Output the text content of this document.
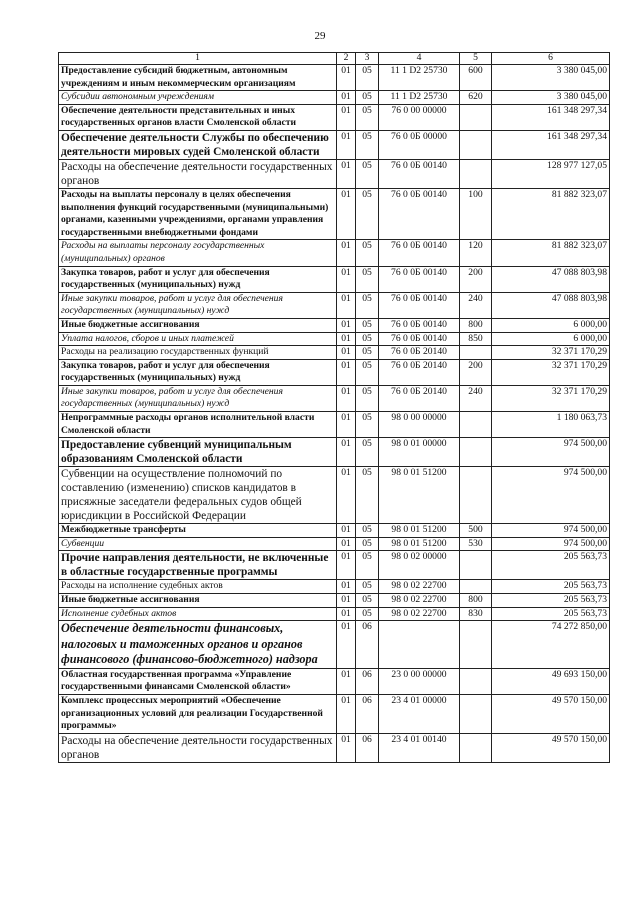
29
1	2	3	4	5	6
Предоставление субсидий бюджетным, автономным учреждениям и иным некоммерческим организациям	01	05	11 1 D2 25730	600	3 380 045,00
Субсидии автономным учреждениям	01	05	11 1 D2 25730	620	3 380 045,00
Обеспечение деятельности представительных и иных государственных органов власти Смоленской области	01	05	76 0 00 00000		161 348 297,34
Обеспечение деятельности Службы по обеспечению деятельности мировых судей Смоленской области	01	05	76 0 0Б 00000		161 348 297,34
Расходы на обеспечение деятельности государственных органов	01	05	76 0 0Б 00140		128 977 127,05
Расходы на выплаты персоналу в целях обеспечения выполнения функций государственными (муниципальными) органами, казенными учреждениями, органами управления государственными внебюджетными фондами	01	05	76 0 0Б 00140	100	81 882 323,07
Расходы на выплаты персоналу государственных (муниципальных) органов	01	05	76 0 0Б 00140	120	81 882 323,07
Закупка товаров, работ и услуг для обеспечения государственных (муниципальных) нужд	01	05	76 0 0Б 00140	200	47 088 803,98
Иные закупки товаров, работ и услуг для обеспечения государственных (муниципальных) нужд	01	05	76 0 0Б 00140	240	47 088 803,98
Иные бюджетные ассигнования	01	05	76 0 0Б 00140	800	6 000,00
Уплата налогов, сборов и иных платежей	01	05	76 0 0Б 00140	850	6 000,00
Расходы на реализацию государственных функций	01	05	76 0 0Б 20140		32 371 170,29
Закупка товаров, работ и услуг для обеспечения государственных (муниципальных) нужд	01	05	76 0 0Б 20140	200	32 371 170,29
Иные закупки товаров, работ и услуг для обеспечения государственных (муниципальных) нужд	01	05	76 0 0Б 20140	240	32 371 170,29
Непрограммные расходы органов исполнительной власти Смоленской области	01	05	98 0 00 00000		1 180 063,73
Предоставление субвенций муниципальным образованиям Смоленской области	01	05	98 0 01 00000		974 500,00
Субвенции на осуществление полномочий по составлению (изменению) списков кандидатов в присяжные заседатели федеральных судов общей юрисдикции в Российской Федерации	01	05	98 0 01 51200		974 500,00
Межбюджетные трансферты	01	05	98 0 01 51200	500	974 500,00
Субвенции	01	05	98 0 01 51200	530	974 500,00
Прочие направления деятельности, не включенные в областные государственные программы	01	05	98 0 02 00000		205 563,73
Расходы на исполнение судебных актов	01	05	98 0 02 22700		205 563,73
Иные бюджетные ассигнования	01	05	98 0 02 22700	800	205 563,73
Исполнение судебных актов	01	05	98 0 02 22700	830	205 563,73
Обеспечение деятельности финансовых, налоговых и таможенных органов и органов финансового (финансово-бюджетного) надзора	01	06			74 272 850,00
Областная государственная программа «Управление государственными финансами Смоленской области»	01	06	23 0 00 00000		49 693 150,00
Комплекс процессных мероприятий «Обеспечение организационных условий для реализации Государственной программы»	01	06	23 4 01 00000		49 570 150,00
Расходы на обеспечение деятельности государственных органов	01	06	23 4 01 00140		49 570 150,00
